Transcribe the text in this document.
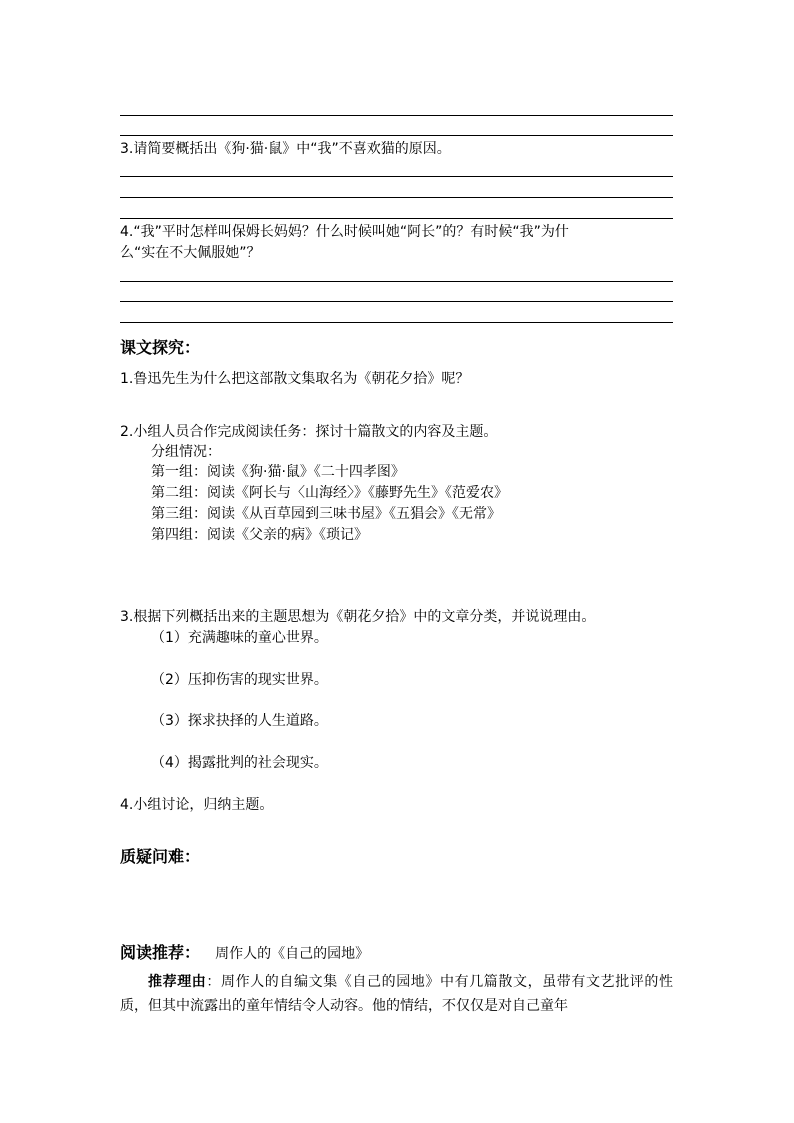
3.请简要概括出《狗·猫·鼠》中“我”不喜欢猫的原因。
4.“我”平时怎样叫保姆长妈妈？什么时候叫她“阿长”的？有时候“我”为什
么“实在不大佩服她”？
课文探究：
1.鲁迅先生为什么把这部散文集取名为《朝花夕拾》呢？
2.小组人员合作完成阅读任务：探讨十篇散文的内容及主题。
分组情况：
第一组：阅读《狗·猫·鼠》《二十四孝图》
第二组：阅读《阿长与〈山海经〉》《藤野先生》《范爱农》
第三组：阅读《从百草园到三味书屋》《五猖会》《无常》
第四组：阅读《父亲的病》《琐记》
3.根据下列概括出来的主题思想为《朝花夕拾》中的文章分类，并说说理由。
（1）充满趣味的童心世界。
（2）压抑伤害的现实世界。
（3）探求抉择的人生道路。
（4）揭露批判的社会现实。
4.小组讨论，归纳主题。
质疑问难：
阅读推荐： 周作人的《自己的园地》
推荐理由：周作人的自编文集《自己的园地》中有几篇散文，虽带有文艺批评的性质，但其中流露出的童年情结令人动容。他的情结，不仅仅是对自己童年
